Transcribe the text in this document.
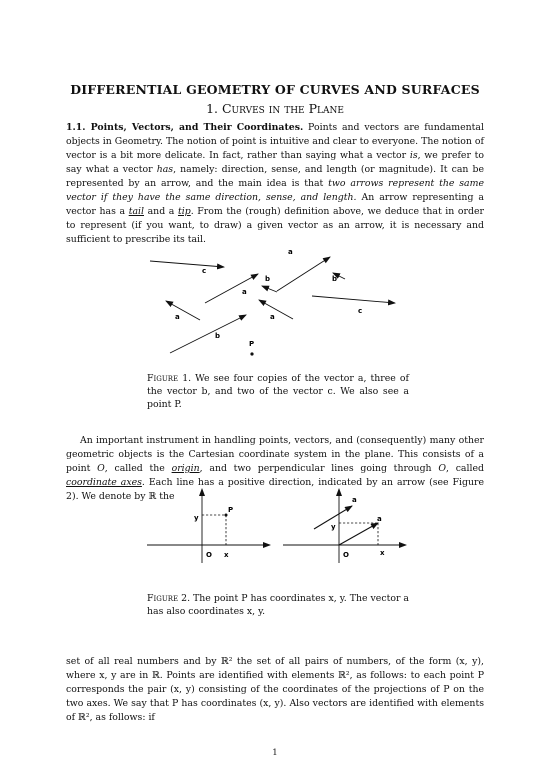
DIFFERENTIAL GEOMETRY OF CURVES AND SURFACES
1. Curves in the Plane

1.1. Points, Vectors, and Their Coordinates. Points and vectors are fundamental objects in Geometry. The notion of point is intuitive and clear to everyone. The notion of vector is a bit more delicate. In fact, rather than saying what a vector is, we prefer to say what a vector has, namely: direction, sense, and length (or magnitude). It can be represented by an arrow, and the main idea is that two arrows represent the same vector if they have the same direction, sense, and length. An arrow representing a vector has a tail and a tip. From the (rough) definition above, we deduce that in order to represent (if you want, to draw) a given vector as an arrow, it is necessary and sufficient to prescribe its tail.

a
c
b	b
a
c
a	a
b
P
Figure 1. We see four copies of the vector a, three of the vector b, and two of the vector c. We also see a point P.

An important instrument in handling points, vectors, and (consequently) many other geometric objects is the Cartesian coordinate system in the plane. This consists of a point O, called the origin, and two perpendicular lines going through O, called coordinate axes. Each line has a positive direction, indicated by an arrow (see Figure 2). We denote by ℝ the

y
P
O x
a
a
y
O	x
Figure 2. The point P has coordinates x, y. The vector a has also coordinates x, y.

set of all real numbers and by ℝ² the set of all pairs of numbers, of the form (x, y), where x, y are in ℝ. Points are identified with elements ℝ², as follows: to each point P corresponds the pair (x, y) consisting of the coordinates of the projections of P on the two axes. We say that P has coordinates (x, y). Also vectors are identified with elements of ℝ², as follows: if

1
